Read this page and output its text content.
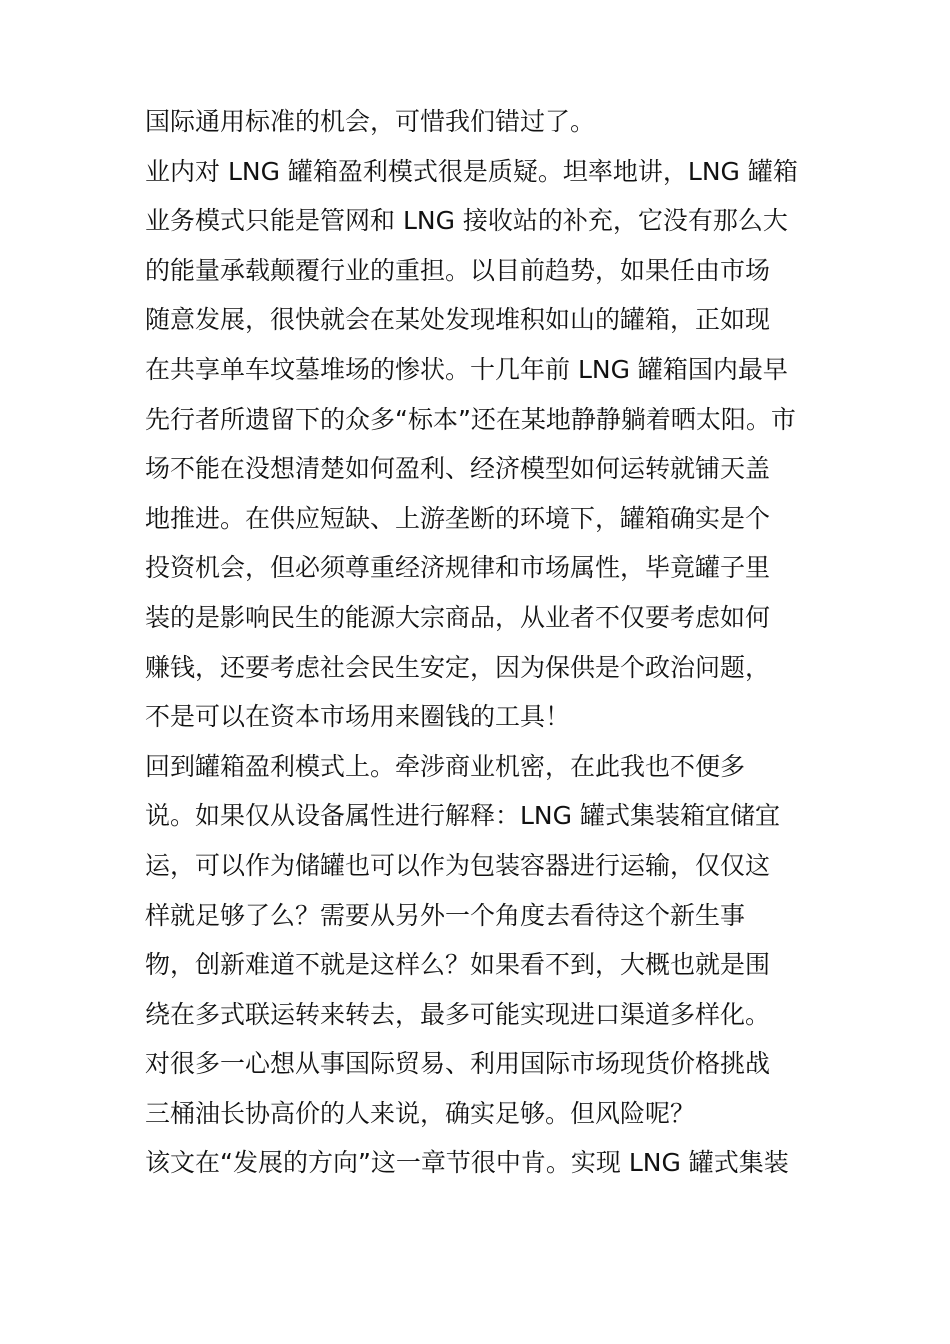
国际通用标准的机会，可惜我们错过了。
业内对 LNG 罐箱盈利模式很是质疑。坦率地讲，LNG 罐箱
业务模式只能是管网和 LNG 接收站的补充，它没有那么大
的能量承载颠覆行业的重担。以目前趋势，如果任由市场
随意发展，很快就会在某处发现堆积如山的罐箱，正如现
在共享单车坟墓堆场的惨状。十几年前 LNG 罐箱国内最早
先行者所遗留下的众多“标本”还在某地静静躺着晒太阳。市
场不能在没想清楚如何盈利、经济模型如何运转就铺天盖
地推进。在供应短缺、上游垄断的环境下，罐箱确实是个
投资机会，但必须尊重经济规律和市场属性，毕竟罐子里
装的是影响民生的能源大宗商品，从业者不仅要考虑如何
赚钱，还要考虑社会民生安定，因为保供是个政治问题，
不是可以在资本市场用来圈钱的工具！
回到罐箱盈利模式上。牵涉商业机密，在此我也不便多
说。如果仅从设备属性进行解释：LNG 罐式集装箱宜储宜
运，可以作为储罐也可以作为包装容器进行运输，仅仅这
样就足够了么？需要从另外一个角度去看待这个新生事
物，创新难道不就是这样么？如果看不到，大概也就是围
绕在多式联运转来转去，最多可能实现进口渠道多样化。
对很多一心想从事国际贸易、利用国际市场现货价格挑战
三桶油长协高价的人来说，确实足够。但风险呢？
该文在“发展的方向”这一章节很中肯。实现 LNG 罐式集装
